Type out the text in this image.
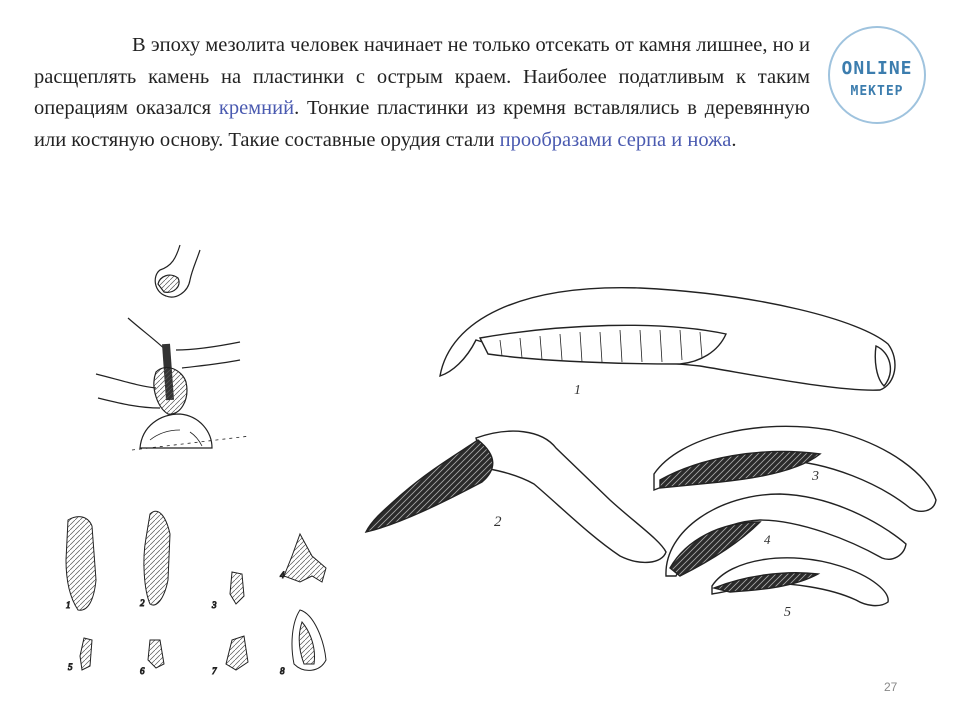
В эпоху мезолита человек начинает не только отсекать от камня лишнее, но и расщеплять камень на пластинки с острым краем. Наиболее податливым к таким операциям оказался кремний. Тонкие пластинки из кремня вставлялись в деревянную или костяную основу. Такие составные орудия стали прообразами серпа и ножа.
ONLINE
МЕКТЕР
1	2	3
4
5	6	7	8
1
2
3
4
5
27
